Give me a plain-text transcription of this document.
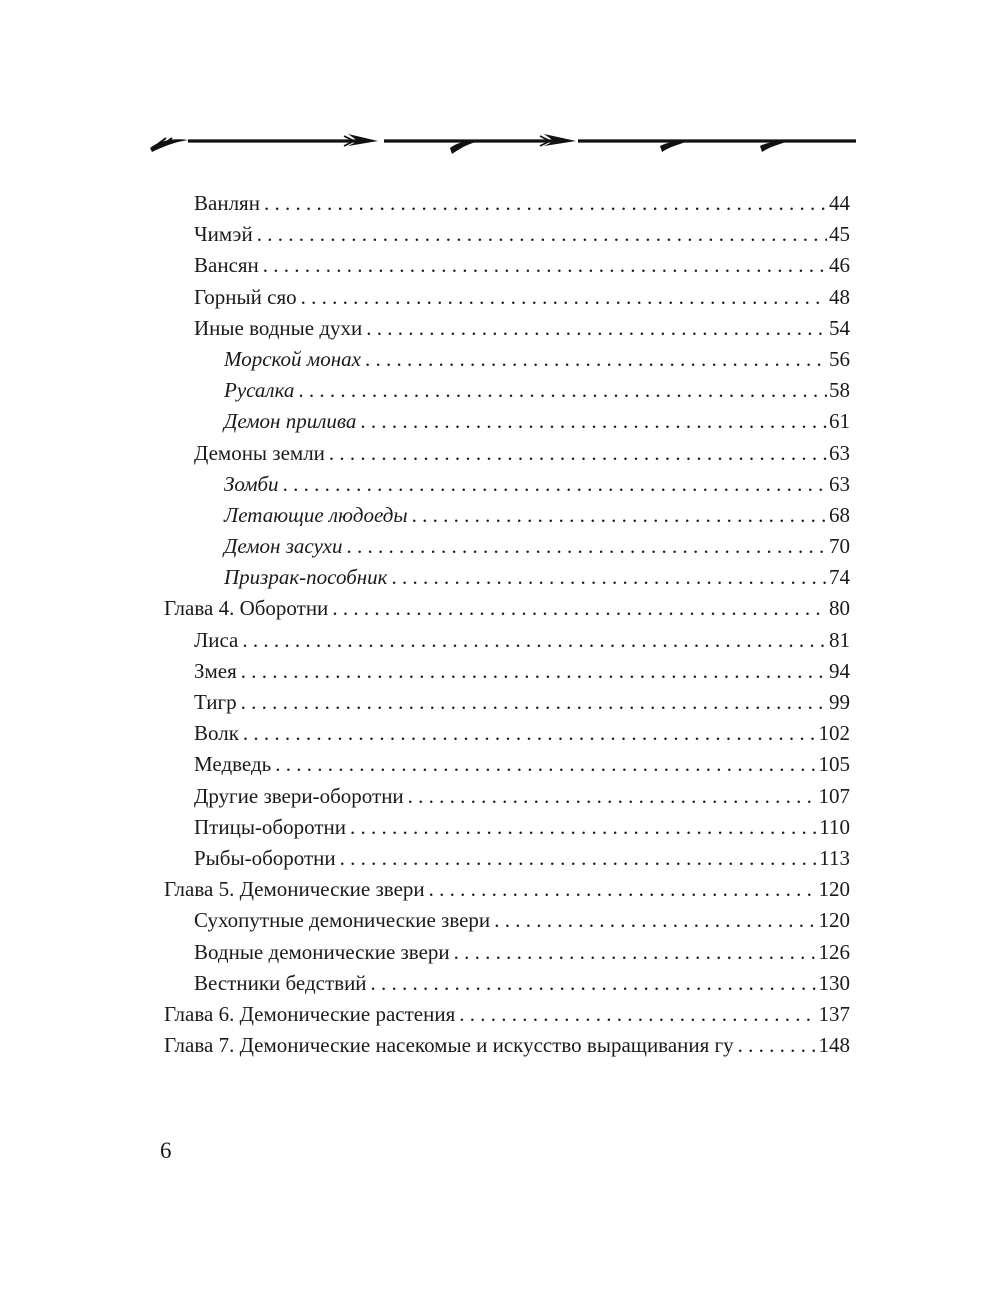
Ванлян . . .	44
Чимэй . . .	45
Вансян . . .	46
Горный сяо . . .	48
Иные водные духи . . .	54
Морской монах . . .	56
Русалка . . .	58
Демон прилива . . .	61
Демоны земли . . .	63
Зомби . . .	63
Летающие людоеды . . .	68
Демон засухи . . .	70
Призрак-пособник . . .	74
Глава 4. Оборотни . . .	80
Лиса . . .	81
Змея . . .	94
Тигр . . .	99
Волк . . .	102
Медведь . . .	105
Другие звери-оборотни . . .	107
Птицы-оборотни . . .	110
Рыбы-оборотни . . .	113
Глава 5. Демонические звери . . .	120
Сухопутные демонические звери . . .	120
Водные демонические звери . . .	126
Вестники бедствий . . .	130
Глава 6. Демонические растения . . .	137
Глава 7. Демонические насекомые и искусство выращивания гу . . .	148
6
